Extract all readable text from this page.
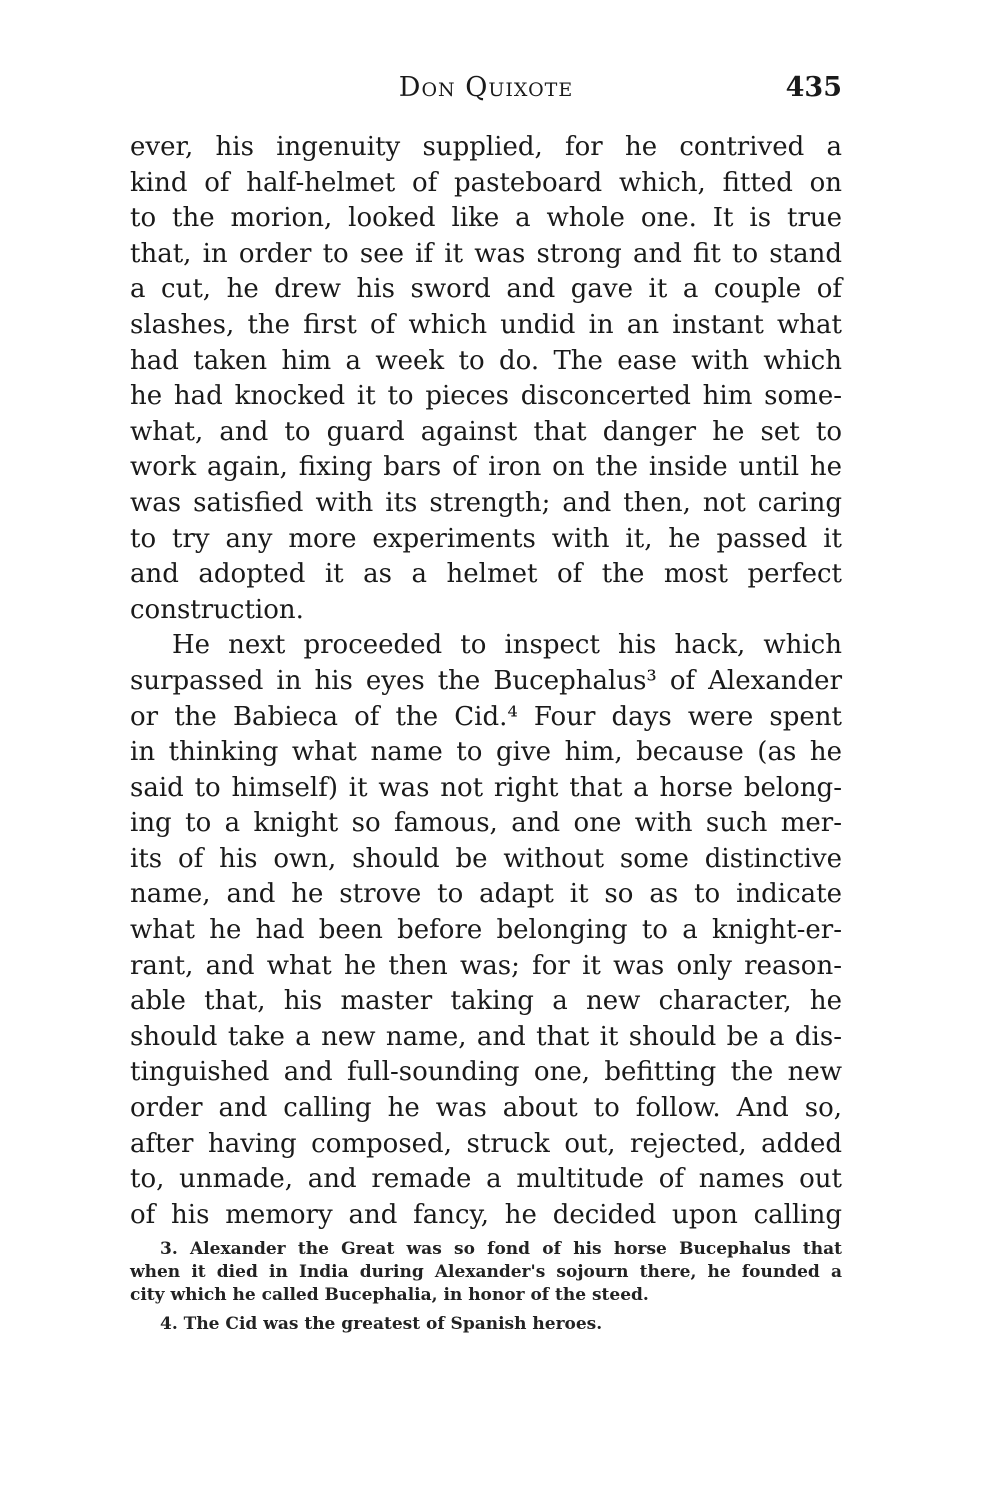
Don Quixote	435
ever, his ingenuity supplied, for he contrived a
kind of half-helmet of pasteboard which, fitted on
to the morion, looked like a whole one. It is true
that, in order to see if it was strong and fit to stand
a cut, he drew his sword and gave it a couple of
slashes, the first of which undid in an instant what
had taken him a week to do. The ease with which
he had knocked it to pieces disconcerted him some-
what, and to guard against that danger he set to
work again, fixing bars of iron on the inside until he
was satisfied with its strength; and then, not caring
to try any more experiments with it, he passed it
and adopted it as a helmet of the most perfect
construction.
He next proceeded to inspect his hack, which
surpassed in his eyes the Bucephalus³ of Alexander
or the Babieca of the Cid.⁴ Four days were spent
in thinking what name to give him, because (as he
said to himself) it was not right that a horse belong-
ing to a knight so famous, and one with such mer-
its of his own, should be without some distinctive
name, and he strove to adapt it so as to indicate
what he had been before belonging to a knight-er-
rant, and what he then was; for it was only reason-
able that, his master taking a new character, he
should take a new name, and that it should be a dis-
tinguished and full-sounding one, befitting the new
order and calling he was about to follow. And so,
after having composed, struck out, rejected, added
to, unmade, and remade a multitude of names out
of his memory and fancy, he decided upon calling
3. Alexander the Great was so fond of his horse Bucephalus that
when it died in India during Alexander's sojourn there, he founded a
city which he called Bucephalia, in honor of the steed.
4. The Cid was the greatest of Spanish heroes.
